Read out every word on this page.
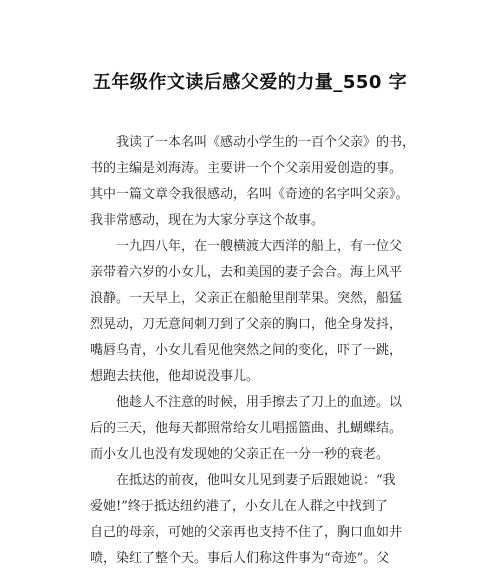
五年级作文读后感父爱的力量_550 字

我读了一本名叫《感动小学生的一百个父亲》的书，
书的主编是刘海涛。主要讲一个个父亲用爱创造的事。
其中一篇文章令我很感动，名叫《奇迹的名字叫父亲》。
我非常感动，现在为大家分享这个故事。

一九四八年，在一艘横渡大西洋的船上，有一位父
亲带着六岁的小女儿，去和美国的妻子会合。海上风平
浪静。一天早上，父亲正在船舱里削苹果。突然，船猛
烈晃动，刀无意间刺刀到了父亲的胸口，他全身发抖，
嘴唇乌青，小女儿看见他突然之间的变化，吓了一跳，
想跑去扶他，他却说没事儿。

他趁人不注意的时候，用手擦去了刀上的血迹。以
后的三天，他每天都照常给女儿唱摇篮曲、扎蝴蝶结。
而小女儿也没有发现她的父亲正在一分一秒的衰老。

在抵达的前夜，他叫女儿见到妻子后跟她说：“我
爱她!”终于抵达纽约港了，小女儿在人群之中找到了
自己的母亲，可她的父亲再也支持不住了，胸口血如井
喷，染红了整个天。事后人们称这件事为“奇迹”。父
